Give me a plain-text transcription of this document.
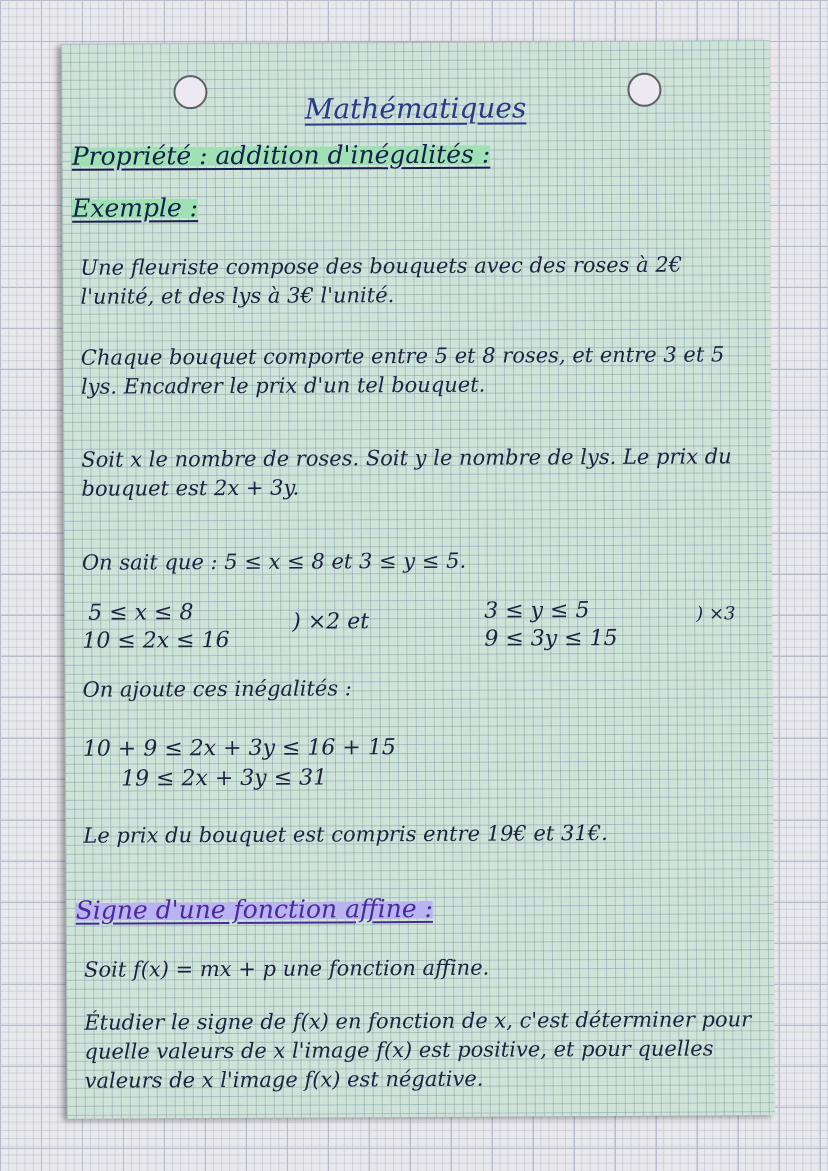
Mathématiques

Propriété : addition d'inégalités :

Exemple :

Une fleuriste compose des bouquets avec des roses à 2€ l'unité, et des lys à 3€ l'unité.

Chaque bouquet comporte entre 5 et 8 roses, et entre 3 et 5 lys. Encadrer le prix d'un tel bouquet.

Soit x le nombre de roses. Soit y le nombre de lys. Le prix du bouquet est 2x + 3y.

On sait que : 5 ≤ x ≤ 8 et 3 ≤ y ≤ 5.

5 ≤ x ≤ 8

10 ≤ 2x ≤ 16

) ×2 et	3 ≤ y ≤ 5

9 ≤ 3y ≤ 15

) ×3

On ajoute ces inégalités :

10 + 9 ≤ 2x + 3y ≤ 16 + 15

19 ≤ 2x + 3y ≤ 31

Le prix du bouquet est compris entre 19€ et 31€.

Signe d'une fonction affine :

Soit f(x) = mx + p une fonction affine.

Étudier le signe de f(x) en fonction de x, c'est déterminer pour quelle valeurs de x l'image f(x) est positive, et pour quelles valeurs de x l'image f(x) est négative.
